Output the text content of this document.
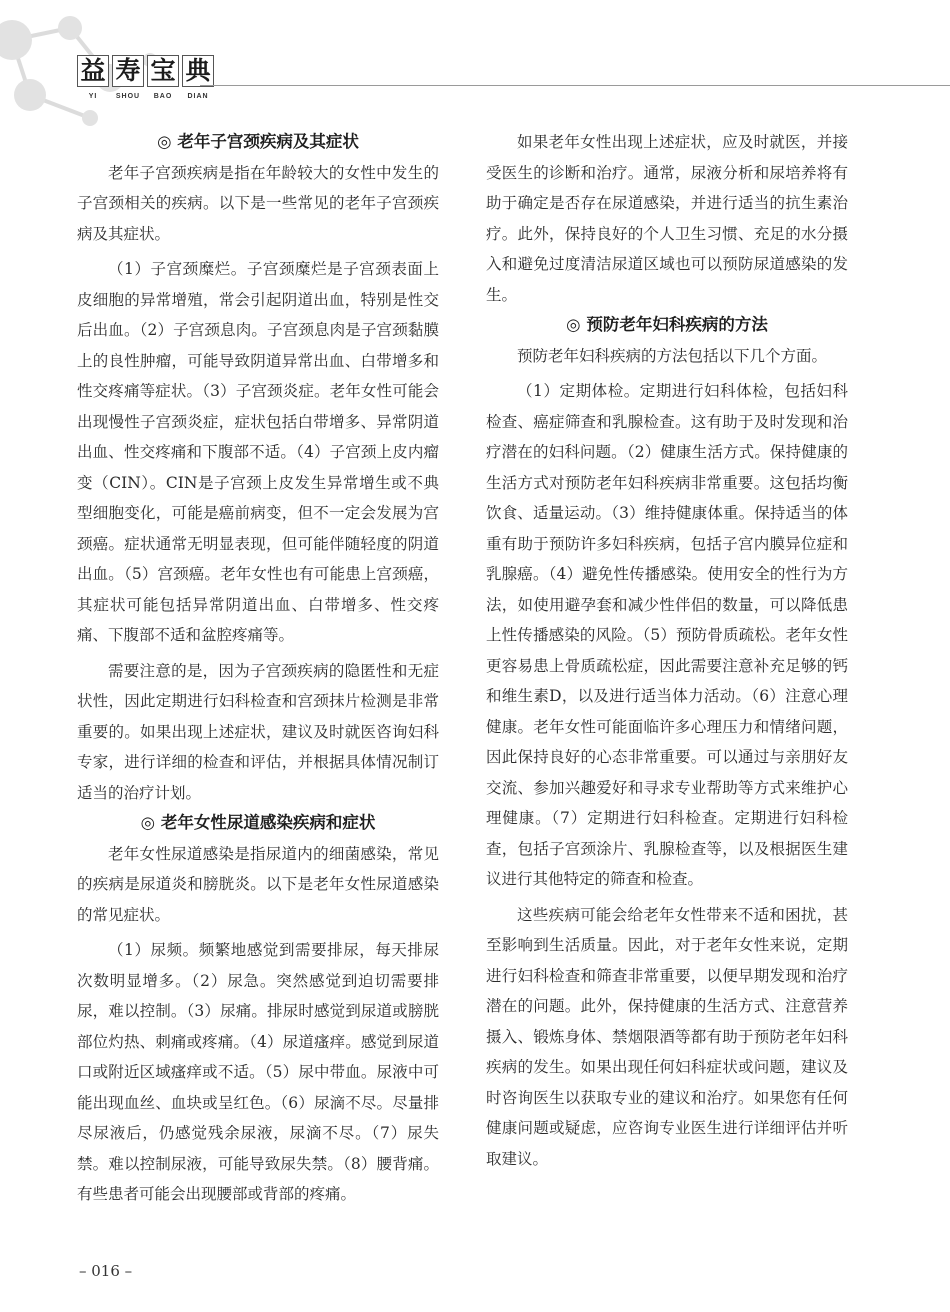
益 寿 宝 典
YI	SHOU	BAO	DIAN
◎ 老年子宫颈疾病及其症状

老年子宫颈疾病是指在年龄较大的女性中发生的子宫颈相关的疾病。以下是一些常见的老年子宫颈疾病及其症状。

（1）子宫颈糜烂。子宫颈糜烂是子宫颈表面上皮细胞的异常增殖，常会引起阴道出血，特别是性交后出血。（2）子宫颈息肉。子宫颈息肉是子宫颈黏膜上的良性肿瘤，可能导致阴道异常出血、白带增多和性交疼痛等症状。（3）子宫颈炎症。老年女性可能会出现慢性子宫颈炎症，症状包括白带增多、异常阴道出血、性交疼痛和下腹部不适。（4）子宫颈上皮内瘤变（CIN）。CIN是子宫颈上皮发生异常增生或不典型细胞变化，可能是癌前病变，但不一定会发展为宫颈癌。症状通常无明显表现，但可能伴随轻度的阴道出血。（5）宫颈癌。老年女性也有可能患上宫颈癌，其症状可能包括异常阴道出血、白带增多、性交疼痛、下腹部不适和盆腔疼痛等。

需要注意的是，因为子宫颈疾病的隐匿性和无症状性，因此定期进行妇科检查和宫颈抹片检测是非常重要的。如果出现上述症状，建议及时就医咨询妇科专家，进行详细的检查和评估，并根据具体情况制订适当的治疗计划。

◎ 老年女性尿道感染疾病和症状

老年女性尿道感染是指尿道内的细菌感染，常见的疾病是尿道炎和膀胱炎。以下是老年女性尿道感染的常见症状。

（1）尿频。频繁地感觉到需要排尿，每天排尿次数明显增多。（2）尿急。突然感觉到迫切需要排尿，难以控制。（3）尿痛。排尿时感觉到尿道或膀胱部位灼热、刺痛或疼痛。（4）尿道瘙痒。感觉到尿道口或附近区域瘙痒或不适。（5）尿中带血。尿液中可能出现血丝、血块或呈红色。（6）尿滴不尽。尽量排尽尿液后，仍感觉残余尿液，尿滴不尽。（7）尿失禁。难以控制尿液，可能导致尿失禁。（8）腰背痛。有些患者可能会出现腰部或背部的疼痛。

如果老年女性出现上述症状，应及时就医，并接受医生的诊断和治疗。通常，尿液分析和尿培养将有助于确定是否存在尿道感染，并进行适当的抗生素治疗。此外，保持良好的个人卫生习惯、充足的水分摄入和避免过度清洁尿道区域也可以预防尿道感染的发生。

◎ 预防老年妇科疾病的方法

预防老年妇科疾病的方法包括以下几个方面。

（1）定期体检。定期进行妇科体检，包括妇科检查、癌症筛查和乳腺检查。这有助于及时发现和治疗潜在的妇科问题。（2）健康生活方式。保持健康的生活方式对预防老年妇科疾病非常重要。这包括均衡饮食、适量运动。（3）维持健康体重。保持适当的体重有助于预防许多妇科疾病，包括子宫内膜异位症和乳腺癌。（4）避免性传播感染。使用安全的性行为方法，如使用避孕套和减少性伴侣的数量，可以降低患上性传播感染的风险。（5）预防骨质疏松。老年女性更容易患上骨质疏松症，因此需要注意补充足够的钙和维生素D，以及进行适当体力活动。（6）注意心理健康。老年女性可能面临许多心理压力和情绪问题，因此保持良好的心态非常重要。可以通过与亲朋好友交流、参加兴趣爱好和寻求专业帮助等方式来维护心理健康。（7）定期进行妇科检查。定期进行妇科检查，包括子宫颈涂片、乳腺检查等，以及根据医生建议进行其他特定的筛查和检查。

这些疾病可能会给老年女性带来不适和困扰，甚至影响到生活质量。因此，对于老年女性来说，定期进行妇科检查和筛查非常重要，以便早期发现和治疗潜在的问题。此外，保持健康的生活方式、注意营养摄入、锻炼身体、禁烟限酒等都有助于预防老年妇科疾病的发生。如果出现任何妇科症状或问题，建议及时咨询医生以获取专业的建议和治疗。如果您有任何健康问题或疑虑，应咨询专业医生进行详细评估并听取建议。

– 016 –
